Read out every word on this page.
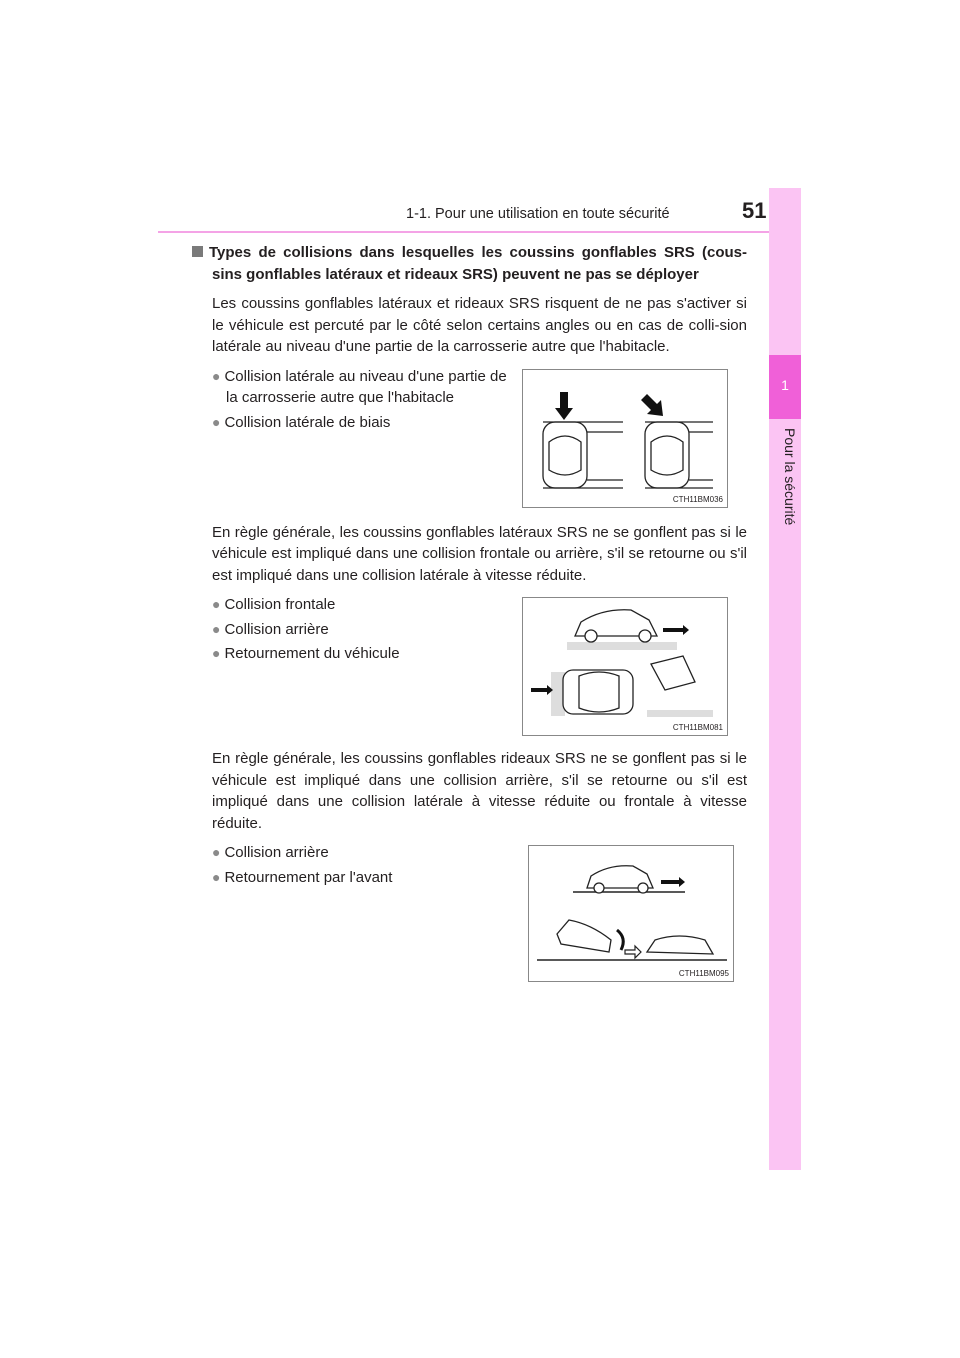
1-1. Pour une utilisation en toute sécurité	51
1
Pour la sécurité

Types de collisions dans lesquelles les coussins gonflables SRS (cous-sins gonflables latéraux et rideaux SRS) peuvent ne pas se déployer

Les coussins gonflables latéraux et rideaux SRS risquent de ne pas s'activer si le véhicule est percuté par le côté selon certains angles ou en cas de colli-sion latérale au niveau d'une partie de la carrosserie autre que l'habitacle.

● Collision latérale au niveau d'une partie de la carrosserie autre que l'habitacle
● Collision latérale de biais
CTH11BM036

En règle générale, les coussins gonflables latéraux SRS ne se gonflent pas si le véhicule est impliqué dans une collision frontale ou arrière, s'il se retourne ou s'il est impliqué dans une collision latérale à vitesse réduite.

● Collision frontale
● Collision arrière
● Retournement du véhicule
CTH11BM081

En règle générale, les coussins gonflables rideaux SRS ne se gonflent pas si le véhicule est impliqué dans une collision arrière, s'il se retourne ou s'il est impliqué dans une collision latérale à vitesse réduite ou frontale à vitesse réduite.

● Collision arrière
● Retournement par l'avant
CTH11BM095
